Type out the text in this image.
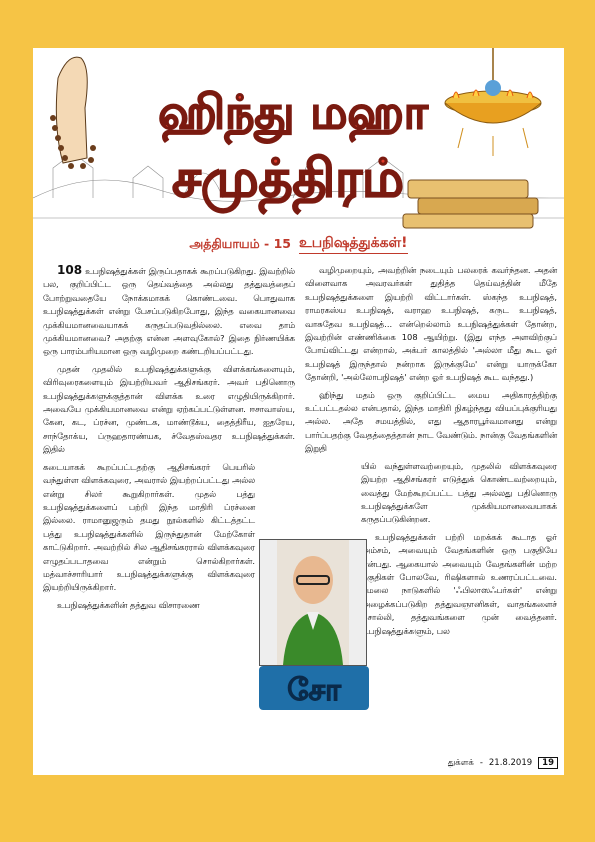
ஹிந்து மஹா
சமுத்திரம்
அத்தியாயம் - 15 உபநிஷத்துக்கள்!

108 உபநிஷத்துக்கள் இருப்பதாகக் கூறப்படுகிறது. இவற்றில் பல, குறிப்பிட்ட ஒரு தெய்வத்தை அல்லது தத்துவத்தைப் போற்றுவதையே நோக்கமாகக் கொண்டவை. பொதுவாக உபநிஷத்துக்கள் என்று பேசப்படுகிறபோது, இந்த வகையானவை முக்கியமானவையாகக் கருதப்படுவதில்லை. எவை தாம் முக்கியமானவை? அதற்கு என்ன அளவுகோல்? இதை நிர்ணயிக்க ஒரு பாரம்பரியமான ஒரு வழிமுறை கண்டறியப்பட்டது.

முதன் முதலில் உபநிஷத்துக்களுக்கு விளக்கங்களையும், விரிவுரைகளையும் இயற்றியவர் ஆதிசங்கரர். அவர் பதினொரு உபநிஷத்துக்களுக்குத்தான் விளக்க உரை எழுதியிருக்கிறார். அவையே முக்கியமானவை என்று ஏற்கப்பட்டுள்ளன. ஈசாவாஸ்ய, கேன, கட, ப்ரச்ன, முண்டக, மாண்டூக்ய, தைத்திரீய, ஐதரேய, சாந்தோக்ய, ப்ருஹதாரண்யக, ச்வேதஸ்வதர உபநிஷத்துக்கள். இதில்

கடையாகக் கூறப்பட்டதற்கு ஆதிசங்கரர் பெயரில் வந்துள்ள விளக்கவுரை, அவரால் இயற்றப்பட்டது அல்ல என்று சிலர் கூறுகிறார்கள். முதல் பத்து உபநிஷத்துக்களைப் பற்றி இந்த மாதிரி ப்ரச்னை இல்லை. ராமானுஜரும் தமது நூல்களில் கிட்டத்தட்ட பத்து உபநிஷத்துக்களில் இருந்துதான் மேற்கோள் காட்டுகிறார். அவற்றில் சில ஆதிசங்கரரால் விளக்கவுரை எழுதப்படாதவை என்றும் சொல்கிறார்கள். மத்வாச்சாரியார் உபநிஷத்துக்களுக்கு விளக்கவுரை இயற்றியிருக்கிறார்.

உபநிஷத்துக்களின் தத்துவ விசாரணை

வழிமுறையும், அவற்றின் நடையும் பலரைக் கவர்ந்தன. அதன் விளைவாக அவரவர்கள் துதித்த தெய்வத்தின் மீதே உபநிஷத்துக்களை இயற்றி விட்டார்கள். ஸ்கந்த உபநிஷத், ராமரகஸ்ய உபநிஷத், வராஹ உபநிஷத், கருட உபநிஷத், வாசுதேவ உபநிஷத்... என்றெல்லாம் உபநிஷத்துக்கள் தோன்ற, இவற்றின் எண்ணிக்கை 108 ஆயிற்று. (இது எந்த அளவிற்குப் போய்விட்டது என்றால், அக்பர் காலத்தில் 'அல்லா மீது கூட ஓர் உபநிஷத் இருந்தால் நன்றாக இருக்குமே' என்று யாருக்கோ தோன்றி, 'அல்லோபநிஷத்' என்ற ஓர் உபநிஷத் கூட வந்தது.)

ஹிந்து மதம் ஒரு குறிப்பிட்ட மைய அதிகாரத்திற்கு உட்பட்டதல்ல என்பதால், இந்த மாதிரி நிகழ்ந்தது வியப்புக்குரியது அல்ல. அதே சமயத்தில், எது ஆதாரபூர்வமானது என்று பார்ப்பதற்கு வேதத்தைத்தான் நாட வேண்டும். நான்கு வேதங்களின் இறுதி

யில் வந்துள்ளவற்றையும், முதலில் விளக்கவுரை இயற்ற ஆதிசங்கரர் எடுத்துக் கொண்டவற்றையும், வைத்து மேற்கூறப்பட்ட பத்து அல்லது பதினொரு உபநிஷத்துக்களே முக்கியமானவையாகக் கருதப்படுகின்றன.

உபநிஷத்துக்கள் பற்றி மறக்கக் கூடாத ஓர் அம்சம், அவையும் வேதங்களின் ஒரு பகுதியே என்பது. ஆகையால் அவையும் வேதங்களின் மற்ற பகுதிகள் போலவே, ரிஷிகளால் உணரப்பட்டவை. மேலை நாடுகளில் 'ஃபிலாஸஃபர்கள்' என்று அழைக்கப்படுகிற தத்துவஞானிகள், வாதங்களைச் சொல்லி, தத்துவங்களை முன் வைத்தனர். உபநிஷத்துக்களும், பல

சோ
துக்ளக் - 21.8.2019	19
